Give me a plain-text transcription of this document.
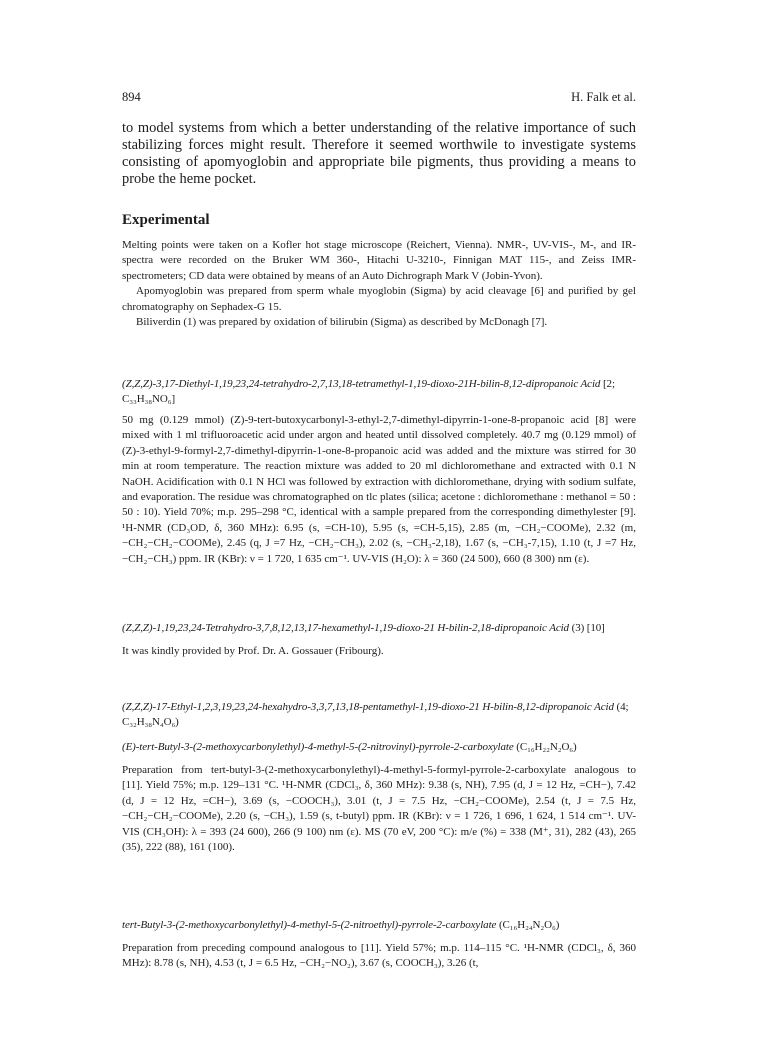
894	H. Falk et al.

to model systems from which a better understanding of the relative importance of such stabilizing forces might result. Therefore it seemed worthwile to investigate systems consisting of apomyoglobin and appropriate bile pigments, thus providing a means to probe the heme pocket.

Experimental

Melting points were taken on a Kofler hot stage microscope (Reichert, Vienna). NMR-, UV-VIS-, M-, and IR-spectra were recorded on the Bruker WM 360-, Hitachi U-3210-, Finnigan MAT 115-, and Zeiss IMR-spectrometers; CD data were obtained by means of an Auto Dichrograph Mark V (Jobin-Yvon).

Apomyoglobin was prepared from sperm whale myoglobin (Sigma) by acid cleavage [6] and purified by gel chromatography on Sephadex-G 15.

Biliverdin (1) was prepared by oxidation of bilirubin (Sigma) as described by McDonagh [7].

(Z,Z,Z)-3,17-Diethyl-1,19,23,24-tetrahydro-2,7,13,18-tetramethyl-1,19-dioxo-21H-bilin-8,12-dipropanoic Acid [2; C₃₃H₃₈NO₆]

50 mg (0.129 mmol) (Z)-9-tert-butoxycarbonyl-3-ethyl-2,7-dimethyl-dipyrrin-1-one-8-propanoic acid [8] were mixed with 1 ml trifluoroacetic acid under argon and heated until dissolved completely. 40.7 mg (0.129 mmol) of (Z)-3-ethyl-9-formyl-2,7-dimethyl-dipyrrin-1-one-8-propanoic acid was added and the mixture was stirred for 30 min at room temperature. The reaction mixture was added to 20 ml dichloromethane and extracted with 0.1 N NaOH. Acidification with 0.1 N HCl was followed by extraction with dichloromethane, drying with sodium sulfate, and evaporation. The residue was chromatographed on tlc plates (silica; acetone : dichloromethane : methanol = 50 : 50 : 10). Yield 70%; m.p. 295–298 °C, identical with a sample prepared from the corresponding dimethylester [9]. ¹H-NMR (CD₃OD, δ, 360 MHz): 6.95 (s, =CH-10), 5.95 (s, =CH-5,15), 2.85 (m, −CH₂−COOMe), 2.32 (m, −CH₂−CH₂−COOMe), 2.45 (q, J =7 Hz, −CH₂−CH₃), 2.02 (s, −CH₃-2,18), 1.67 (s, −CH₃-7,15), 1.10 (t, J =7 Hz, −CH₂−CH₃) ppm. IR (KBr): ν = 1 720, 1 635 cm⁻¹. UV-VIS (H₂O): λ = 360 (24 500), 660 (8 300) nm (ε).

(Z,Z,Z)-1,19,23,24-Tetrahydro-3,7,8,12,13,17-hexamethyl-1,19-dioxo-21 H-bilin-2,18-dipropanoic Acid (3) [10]

It was kindly provided by Prof. Dr. A. Gossauer (Fribourg).

(Z,Z,Z)-17-Ethyl-1,2,3,19,23,24-hexahydro-3,3,7,13,18-pentamethyl-1,19-dioxo-21 H-bilin-8,12-dipropanoic Acid (4; C₃₂H₃₈N₄O₆)

(E)-tert-Butyl-3-(2-methoxycarbonylethyl)-4-methyl-5-(2-nitrovinyl)-pyrrole-2-carboxylate (C₁₆H₂₂N₂O₆)

Preparation from tert-butyl-3-(2-methoxycarbonylethyl)-4-methyl-5-formyl-pyrrole-2-carboxylate analogous to [11]. Yield 75%; m.p. 129–131 °C. ¹H-NMR (CDCl₃, δ, 360 MHz): 9.38 (s, NH), 7.95 (d, J = 12 Hz, =CH−), 7.42 (d, J = 12 Hz, =CH−), 3.69 (s, −COOCH₃), 3.01 (t, J = 7.5 Hz, −CH₂−COOMe), 2.54 (t, J = 7.5 Hz, −CH₂−CH₂−COOMe), 2.20 (s, −CH₃), 1.59 (s, t-butyl) ppm. IR (KBr): ν = 1 726, 1 696, 1 624, 1 514 cm⁻¹. UV-VIS (CH₃OH): λ = 393 (24 600), 266 (9 100) nm (ε). MS (70 eV, 200 °C): m/e (%) = 338 (M⁺, 31), 282 (43), 265 (35), 222 (88), 161 (100).

tert-Butyl-3-(2-methoxycarbonylethyl)-4-methyl-5-(2-nitroethyl)-pyrrole-2-carboxylate (C₁₆H₂₄N₂O₆)

Preparation from preceding compound analogous to [11]. Yield 57%; m.p. 114–115 °C. ¹H-NMR (CDCl₃, δ, 360 MHz): 8.78 (s, NH), 4.53 (t, J = 6.5 Hz, −CH₂−NO₂), 3.67 (s, COOCH₃), 3.26 (t,
